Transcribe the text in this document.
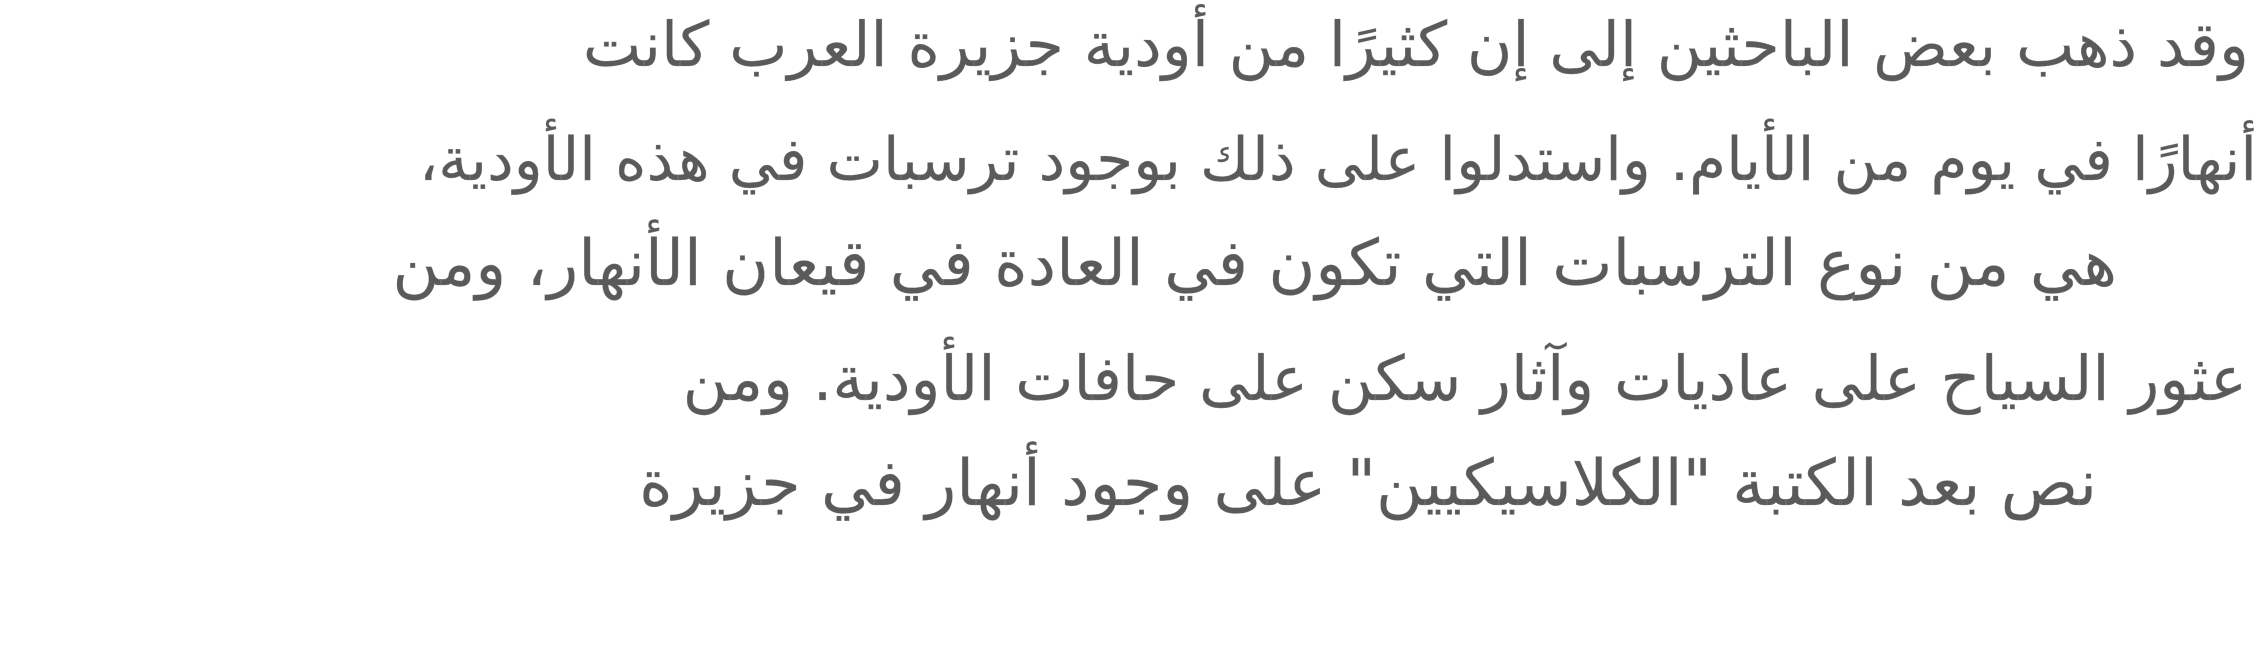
وقد ذهب بعض الباحثين إلى إن كثيرًا من أودية جزيرة العرب كانت
أنهارًا في يوم من الأيام. واستدلوا على ذلك بوجود ترسبات في هذه الأودية،
هي من نوع الترسبات التي تكون في العادة في قيعان الأنهار، ومن
عثور السياح على عاديات وآثار سكن على حافات الأودية. ومن
نص بعد الكتبة "الكلاسيكيين" على وجود أنهار في جزيرة
